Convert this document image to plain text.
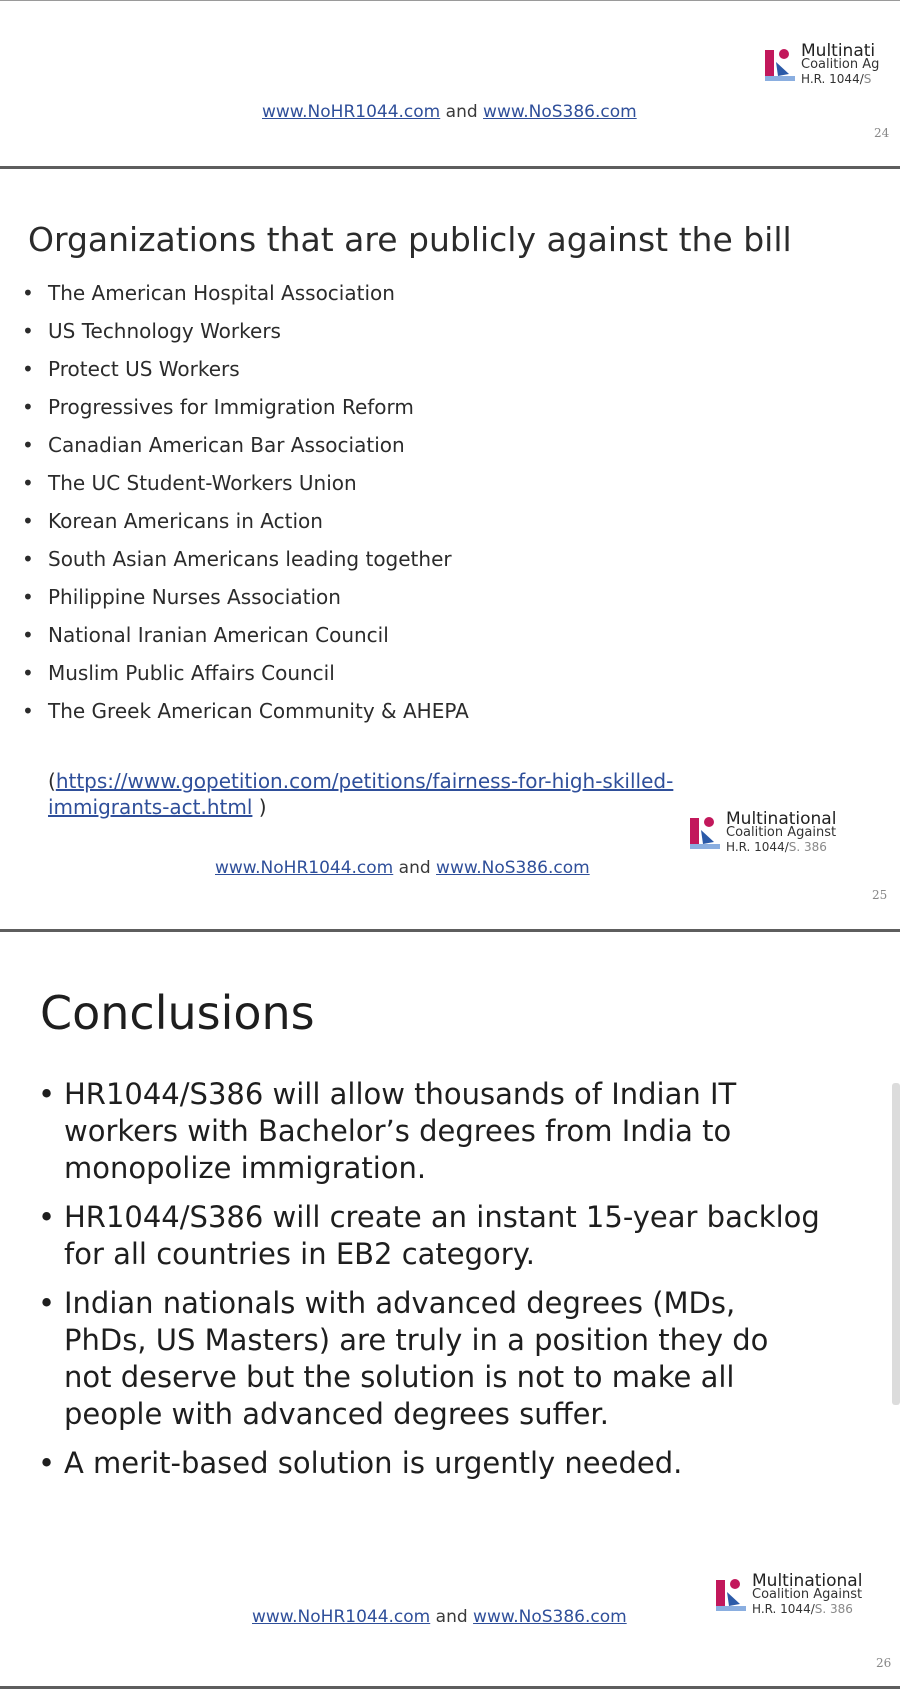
www.NoHR1044.com and www.NoS386.com
Multinati
Coalition Ag
H.R. 1044/S
24
Organizations that are publicly against the bill
• The American Hospital Association
• US Technology Workers
• Protect US Workers
• Progressives for Immigration Reform
• Canadian American Bar Association
• The UC Student-Workers Union
• Korean Americans in Action
• South Asian Americans leading together
• Philippine Nurses Association
• National Iranian American Council
• Muslim Public Affairs Council
• The Greek American Community & AHEPA
(https://www.gopetition.com/petitions/fairness-for-high-skilled-
immigrants-act.html )
www.NoHR1044.com and www.NoS386.com
Multinational
Coalition Against
H.R. 1044/S. 386
25
Conclusions
• HR1044/S386 will allow thousands of Indian IT
workers with Bachelor’s degrees from India to
monopolize immigration.
• HR1044/S386 will create an instant 15-year backlog
for all countries in EB2 category.
• Indian nationals with advanced degrees (MDs,
PhDs, US Masters) are truly in a position they do
not deserve but the solution is not to make all
people with advanced degrees suffer.
• A merit-based solution is urgently needed.
www.NoHR1044.com and www.NoS386.com
Multinational
Coalition Against
H.R. 1044/S. 386
26
